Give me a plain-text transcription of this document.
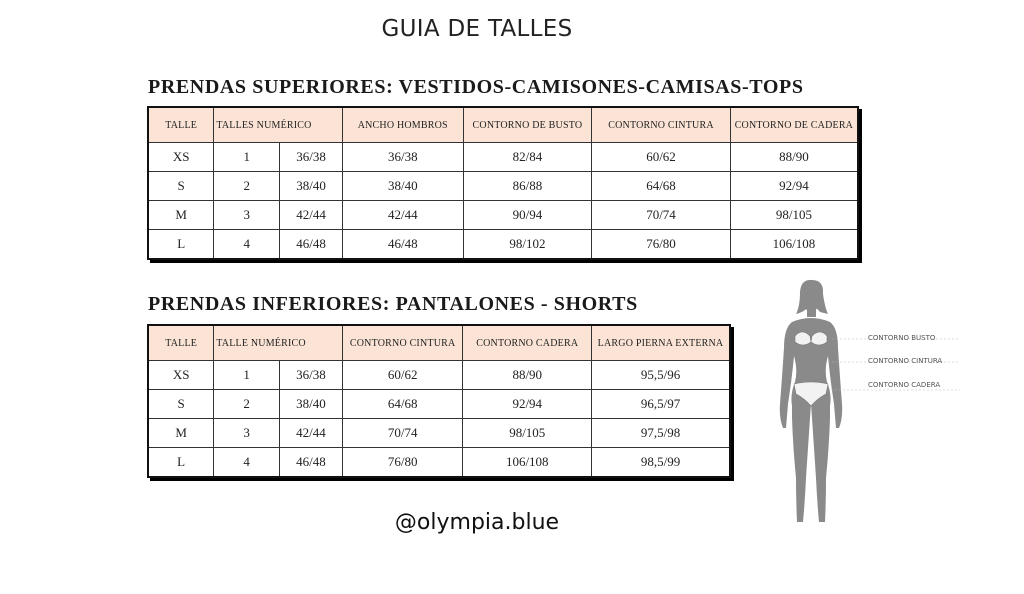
GUIA DE TALLES
PRENDAS SUPERIORES: VESTIDOS-CAMISONES-CAMISAS-TOPS
TALLE	TALLES NUMÉRICO		ANCHO HOMBROS	CONTORNO DE BUSTO	CONTORNO CINTURA	CONTORNO DE CADERA
XS	1	36/38	36/38	82/84	60/62	88/90
S	2	38/40	38/40	86/88	64/68	92/94
M	3	42/44	42/44	90/94	70/74	98/105
L	4	46/48	46/48	98/102	76/80	106/108
PRENDAS INFERIORES: PANTALONES - SHORTS
TALLE	TALLE NUMÉRICO		CONTORNO CINTURA	CONTORNO CADERA	LARGO PIERNA EXTERNA
XS	1	36/38	60/62	88/90	95,5/96
S	2	38/40	64/68	92/94	96,5/97
M	3	42/44	70/74	98/105	97,5/98
L	4	46/48	76/80	106/108	98,5/99
CONTORNO BUSTO
CONTORNO CINTURA
CONTORNO CADERA
@olympia.blue
